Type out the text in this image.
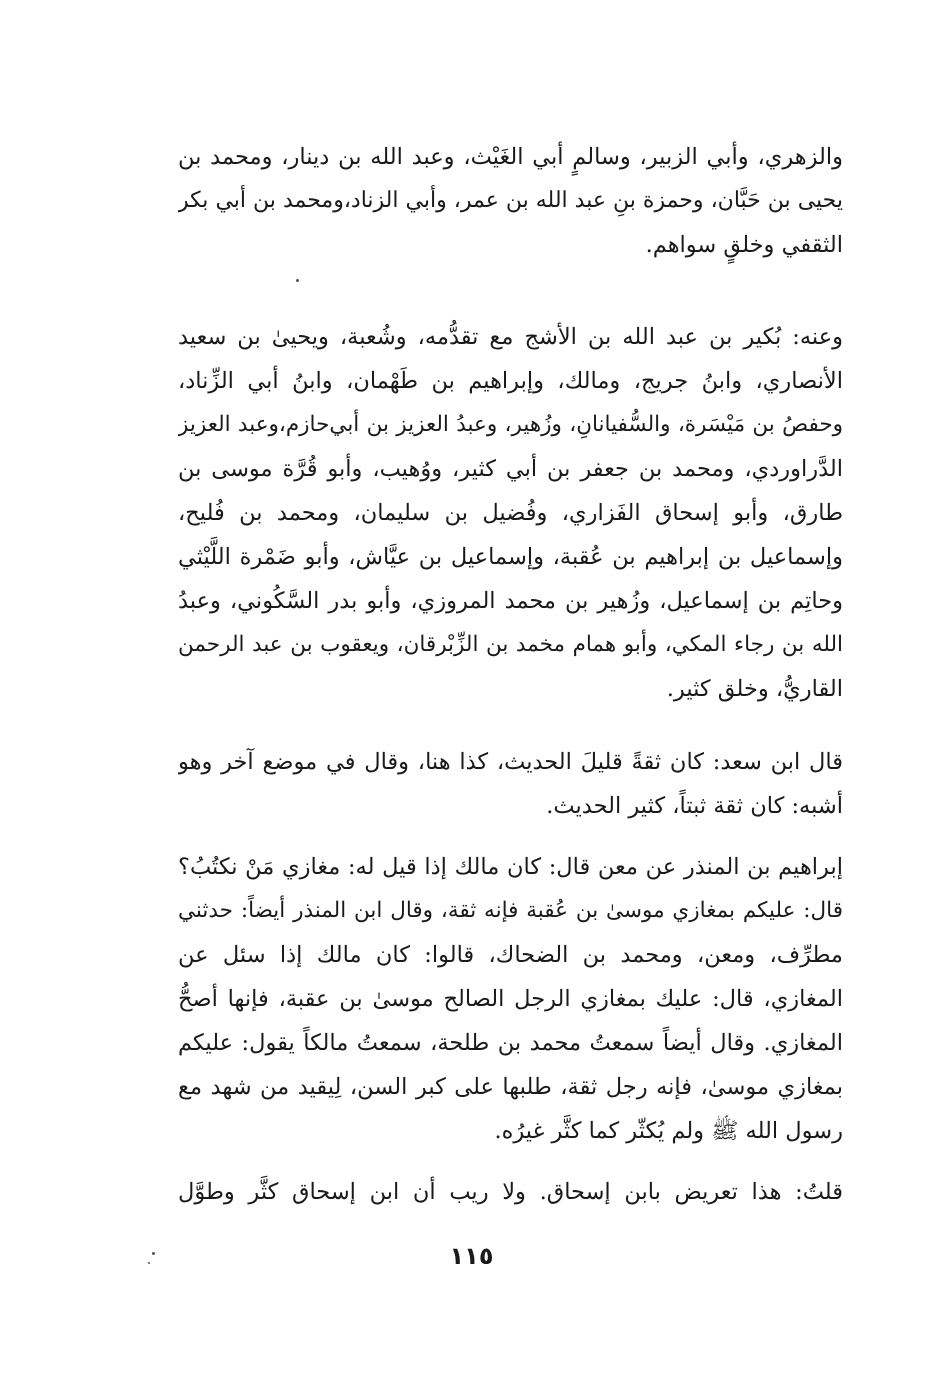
والزهري، وأبي الزبير، وسالمٍ أبي الغَيْث، وعبد الله بن دينار، ومحمد بن
يحيى بن حَبَّان، وحمزة بنِ عبد الله بن عمر، وأبي الزناد،ومحمد بن أبي بكر
الثقفي وخلقٍ سواهم.
وعنه: بُكير بن عبد الله بن الأشج مع تقدُّمه، وشُعبة، ويحيىٰ بن سعيد
الأنصاري، وابنُ جريج، ومالك، وإبراهيم بن طَهْمان، وابنُ أبي الزِّناد،
وحفصُ بن مَيْسَرة، والسُّفيانانِ، وزُهير، وعبدُ العزيز بن أبي‌حازم،وعبد العزيز
الدَّراوردي، ومحمد بن جعفر بن أبي كثير، ووُهيب، وأبو قُرَّة موسى بن
طارق، وأبو إسحاق الفَزاري، وفُضيل بن سليمان، ومحمد بن فُليح،
وإسماعيل بن إبراهيم بن عُقبة، وإسماعيل بن عيَّاش، وأبو ضَمْرة اللَّيْثي
وحاتِم بن إسماعيل، وزُهير بن محمد المروزي، وأبو بدر السَّكُوني، وعبدُ
الله بن رجاء المكي، وأبو همام مخمد بن الزِّبْرقان، ويعقوب بن عبد الرحمن
القاريُّ، وخلق كثير.
قال ابن سعد: كان ثقةً قليلَ الحديث، كذا هنا، وقال في موضع آخر وهو
أشبه: كان ثقة ثبتاً، كثير الحديث.
إبراهيم بن المنذر عن معن قال: كان مالك إذا قيل له: مغازي مَنْ نكتُبُ؟
قال: عليكم بمغازي موسىٰ بن عُقبة فإنه ثقة، وقال ابن المنذر أيضاً: حدثني
مطرِّف، ومعن، ومحمد بن الضحاك، قالوا: كان مالك إذا سئل عن
المغازي، قال: عليك بمغازي الرجل الصالح موسىٰ بن عقبة، فإنها أصحُّ
المغازي. وقال أيضاً سمعتُ محمد بن طلحة، سمعتُ مالكاً يقول: عليكم
بمغازي موسىٰ، فإنه رجل ثقة، طلبها على كبر السن، لِيقيد من شهد مع
رسول الله ﷺ ولم يُكثّر كما كثَّر غيرُه.
قلتُ: هذا تعريض بابن إسحاق. ولا ريب أن ابن إسحاق كثَّر وطوَّل
١١٥
